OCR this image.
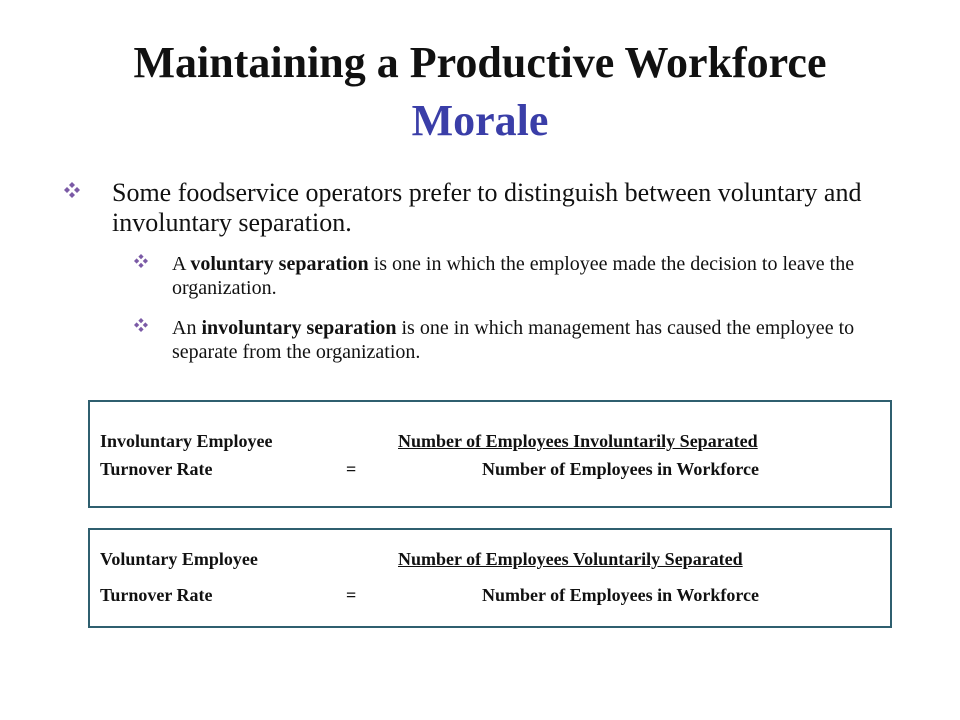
Maintaining a Productive Workforce
Morale
Some foodservice operators prefer to distinguish between voluntary and involuntary separation.
A voluntary separation is one in which the employee made the decision to leave the organization.
An involuntary separation is one in which management has caused the employee to separate from the organization.
Involuntary Employee	Number of Employees Involuntarily Separated
Turnover Rate	=	Number of Employees in Workforce
Voluntary Employee	Number of Employees Voluntarily Separated
Turnover Rate	=	Number of Employees in Workforce
